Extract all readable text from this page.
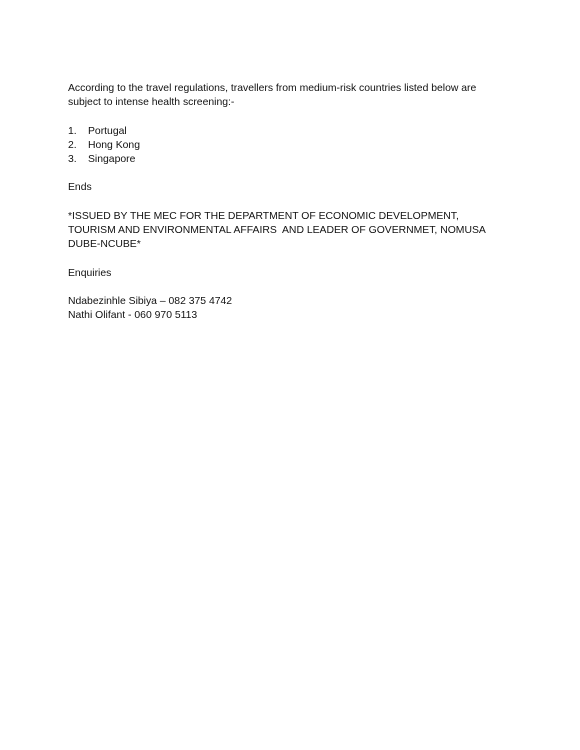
According to the travel regulations, travellers from medium-risk countries listed below are subject to intense health screening:-

1.	Portugal
2.	Hong Kong
3.	Singapore

Ends

*ISSUED BY THE MEC FOR THE DEPARTMENT OF ECONOMIC DEVELOPMENT,
TOURISM AND ENVIRONMENTAL AFFAIRS  AND LEADER OF GOVERNMET, NOMUSA
DUBE-NCUBE*

Enquiries

Ndabezinhle Sibiya – 082 375 4742
Nathi Olifant - 060 970 5113
